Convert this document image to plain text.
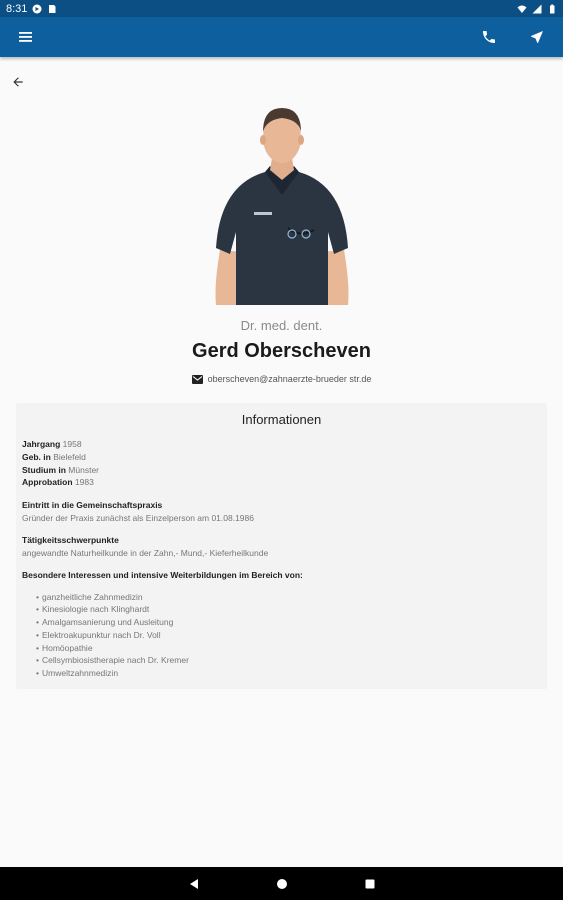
8:31
Dr. med. dent.
Gerd Oberscheven
oberscheven@zahnaerzte-brueder str.de
Informationen
Jahrgang 1958
Geb. in Bielefeld
Studium in Münster
Approbation 1983
Eintritt in die Gemeinschaftspraxis
Gründer der Praxis zunächst als Einzelperson am 01.08.1986
Tätigkeitsschwerpunkte
angewandte Naturheilkunde in der Zahn,- Mund,- Kieferheilkunde
Besondere Interessen und intensive Weiterbildungen im Bereich von:
• ganzheitliche Zahnmedizin
• Kinesiologie nach Klinghardt
• Amalgamsanierung und Ausleitung
• Elektroakupunktur nach Dr. Voll
• Homöopathie
• Cellsymbiosistherapie nach Dr. Kremer
• Umweltzahnmedizin
